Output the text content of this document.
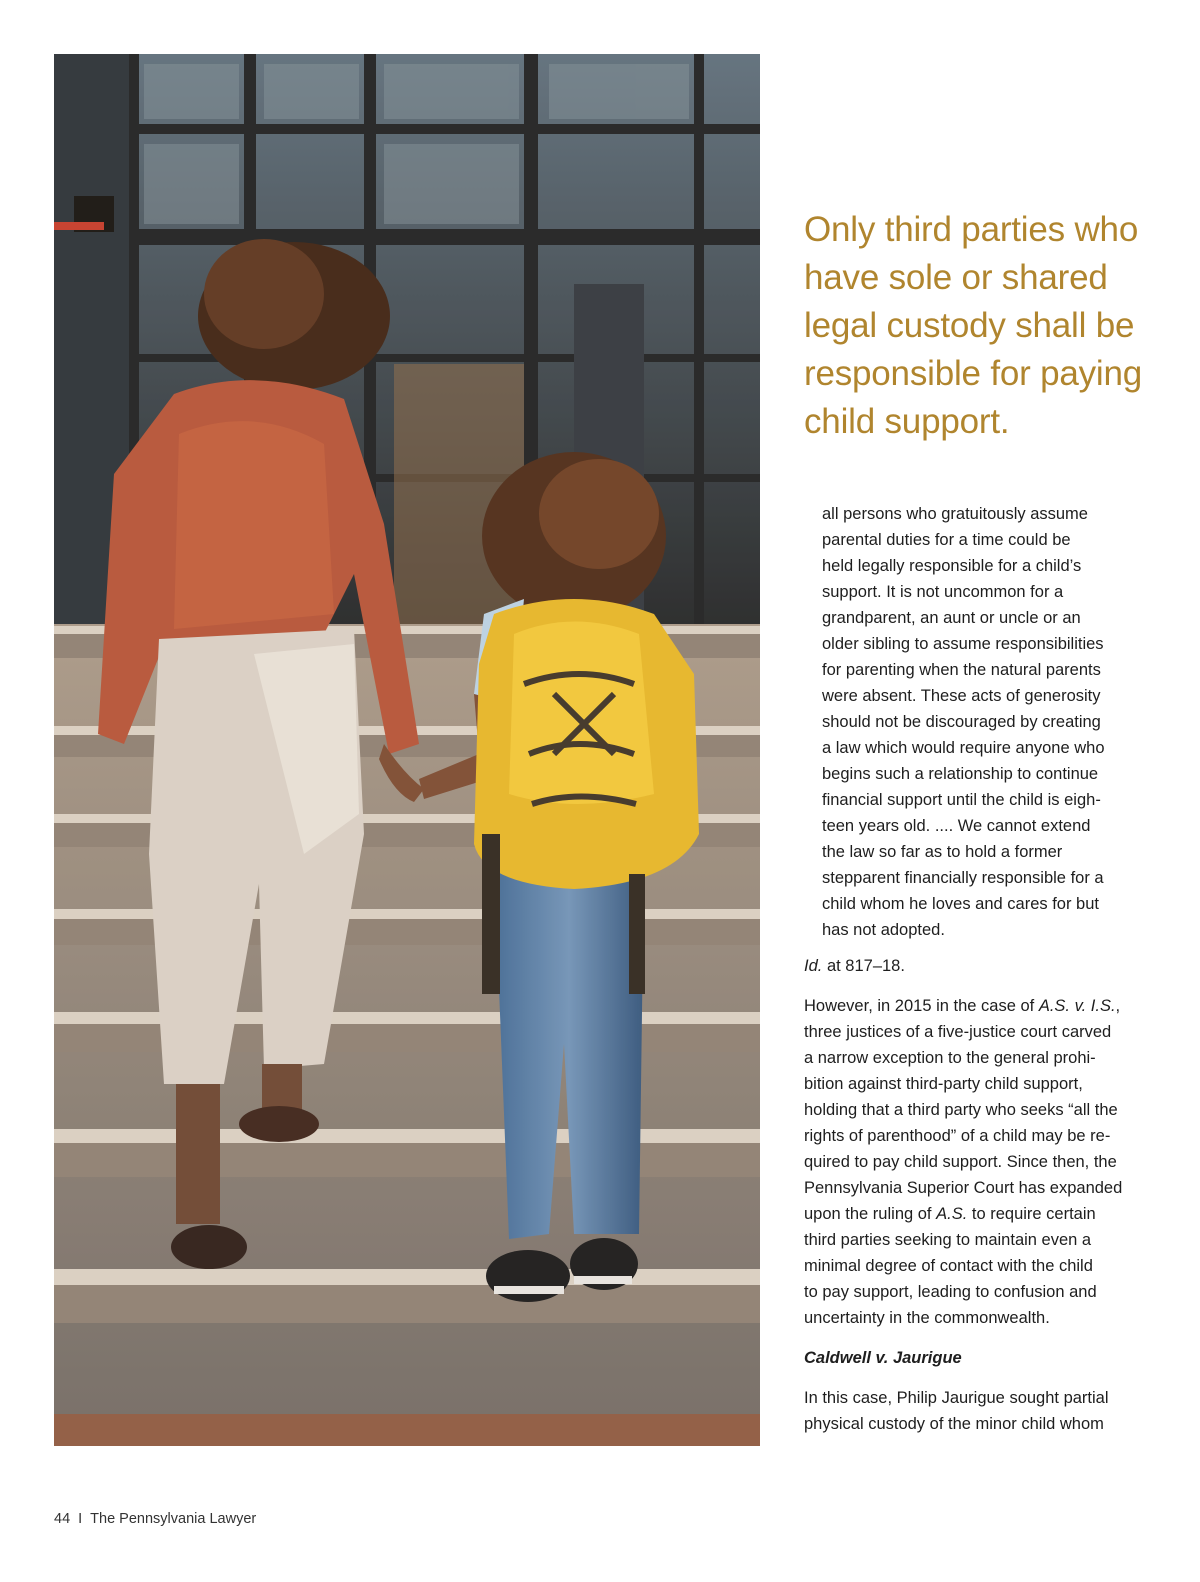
Only third parties who have sole or shared legal custody shall be responsible for paying child support.

all persons who gratuitously assume
parental duties for a time could be
held legally responsible for a child’s
support. It is not uncommon for a
grandparent, an aunt or uncle or an
older sibling to assume responsibilities
for parenting when the natural parents
were absent. These acts of generosity
should not be discouraged by creating
a law which would require anyone who
begins such a relationship to continue
financial support until the child is eigh-
teen years old. .... We cannot extend
the law so far as to hold a former
stepparent financially responsible for a
child whom he loves and cares for but
has not adopted.

Id. at 817–18.

However, in 2015 in the case of A.S. v. I.S.,
three justices of a five-justice court carved
a narrow exception to the general prohi-
bition against third-party child support,
holding that a third party who seeks “all the
rights of parenthood” of a child may be re-
quired to pay child support. Since then, the
Pennsylvania Superior Court has expanded
upon the ruling of A.S. to require certain
third parties seeking to maintain even a
minimal degree of contact with the child
to pay support, leading to confusion and
uncertainty in the commonwealth.

Caldwell v. Jaurigue

In this case, Philip Jaurigue sought partial
physical custody of the minor child whom

44 I The Pennsylvania Lawyer
